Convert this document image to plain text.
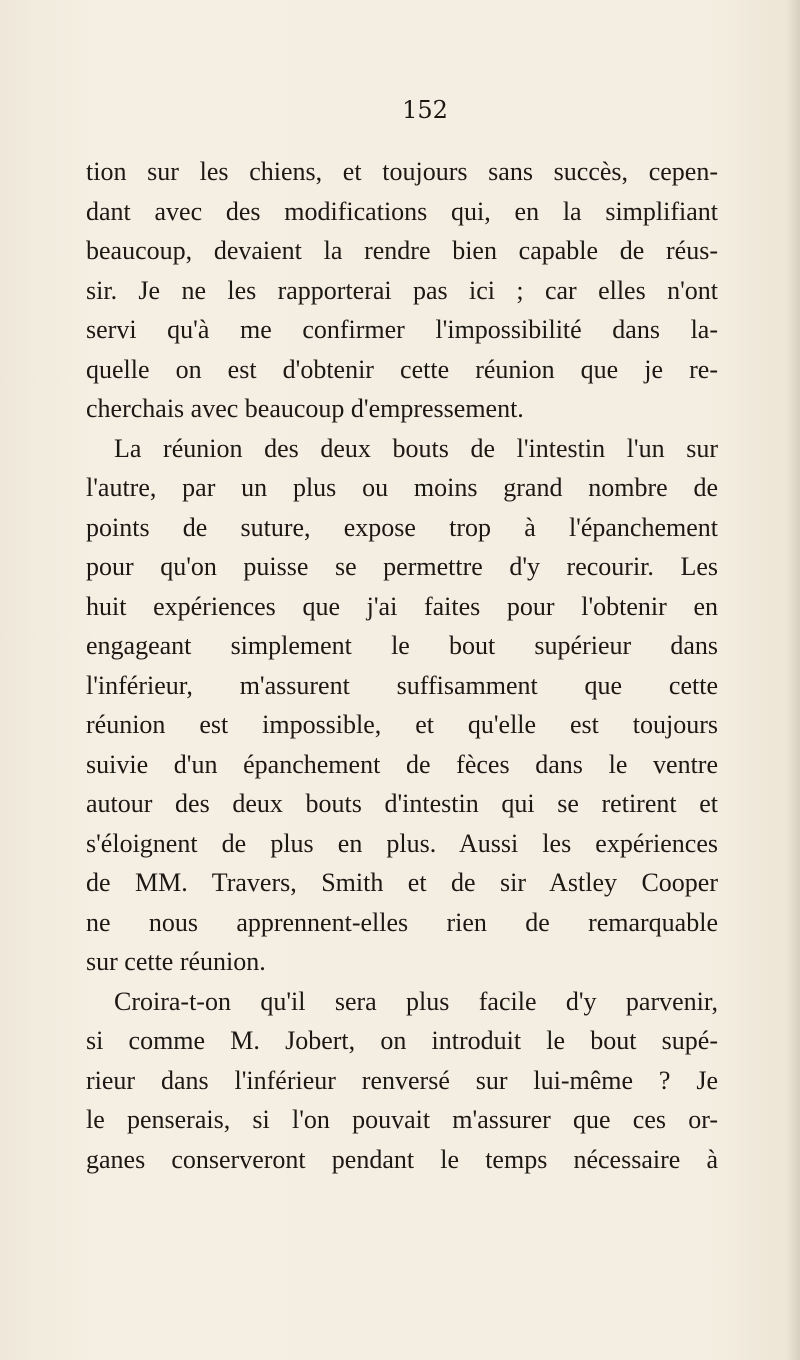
152
tion sur les chiens, et toujours sans succès, cepen-
dant avec des modifications qui, en la simplifiant
beaucoup, devaient la rendre bien capable de réus-
sir. Je ne les rapporterai pas ici ; car elles n'ont
servi qu'à me confirmer l'impossibilité dans la-
quelle on est d'obtenir cette réunion que je re-
cherchais avec beaucoup d'empressement.
La réunion des deux bouts de l'intestin l'un sur
l'autre, par un plus ou moins grand nombre de
points de suture, expose trop à l'épanchement
pour qu'on puisse se permettre d'y recourir. Les
huit expériences que j'ai faites pour l'obtenir en
engageant simplement le bout supérieur dans
l'inférieur, m'assurent suffisamment que cette
réunion est impossible, et qu'elle est toujours
suivie d'un épanchement de fèces dans le ventre
autour des deux bouts d'intestin qui se retirent et
s'éloignent de plus en plus. Aussi les expériences
de MM. Travers, Smith et de sir Astley Cooper
ne nous apprennent-elles rien de remarquable
sur cette réunion.
Croira-t-on qu'il sera plus facile d'y parvenir,
si comme M. Jobert, on introduit le bout supé-
rieur dans l'inférieur renversé sur lui-même ? Je
le penserais, si l'on pouvait m'assurer que ces or-
ganes conserveront pendant le temps nécessaire à
